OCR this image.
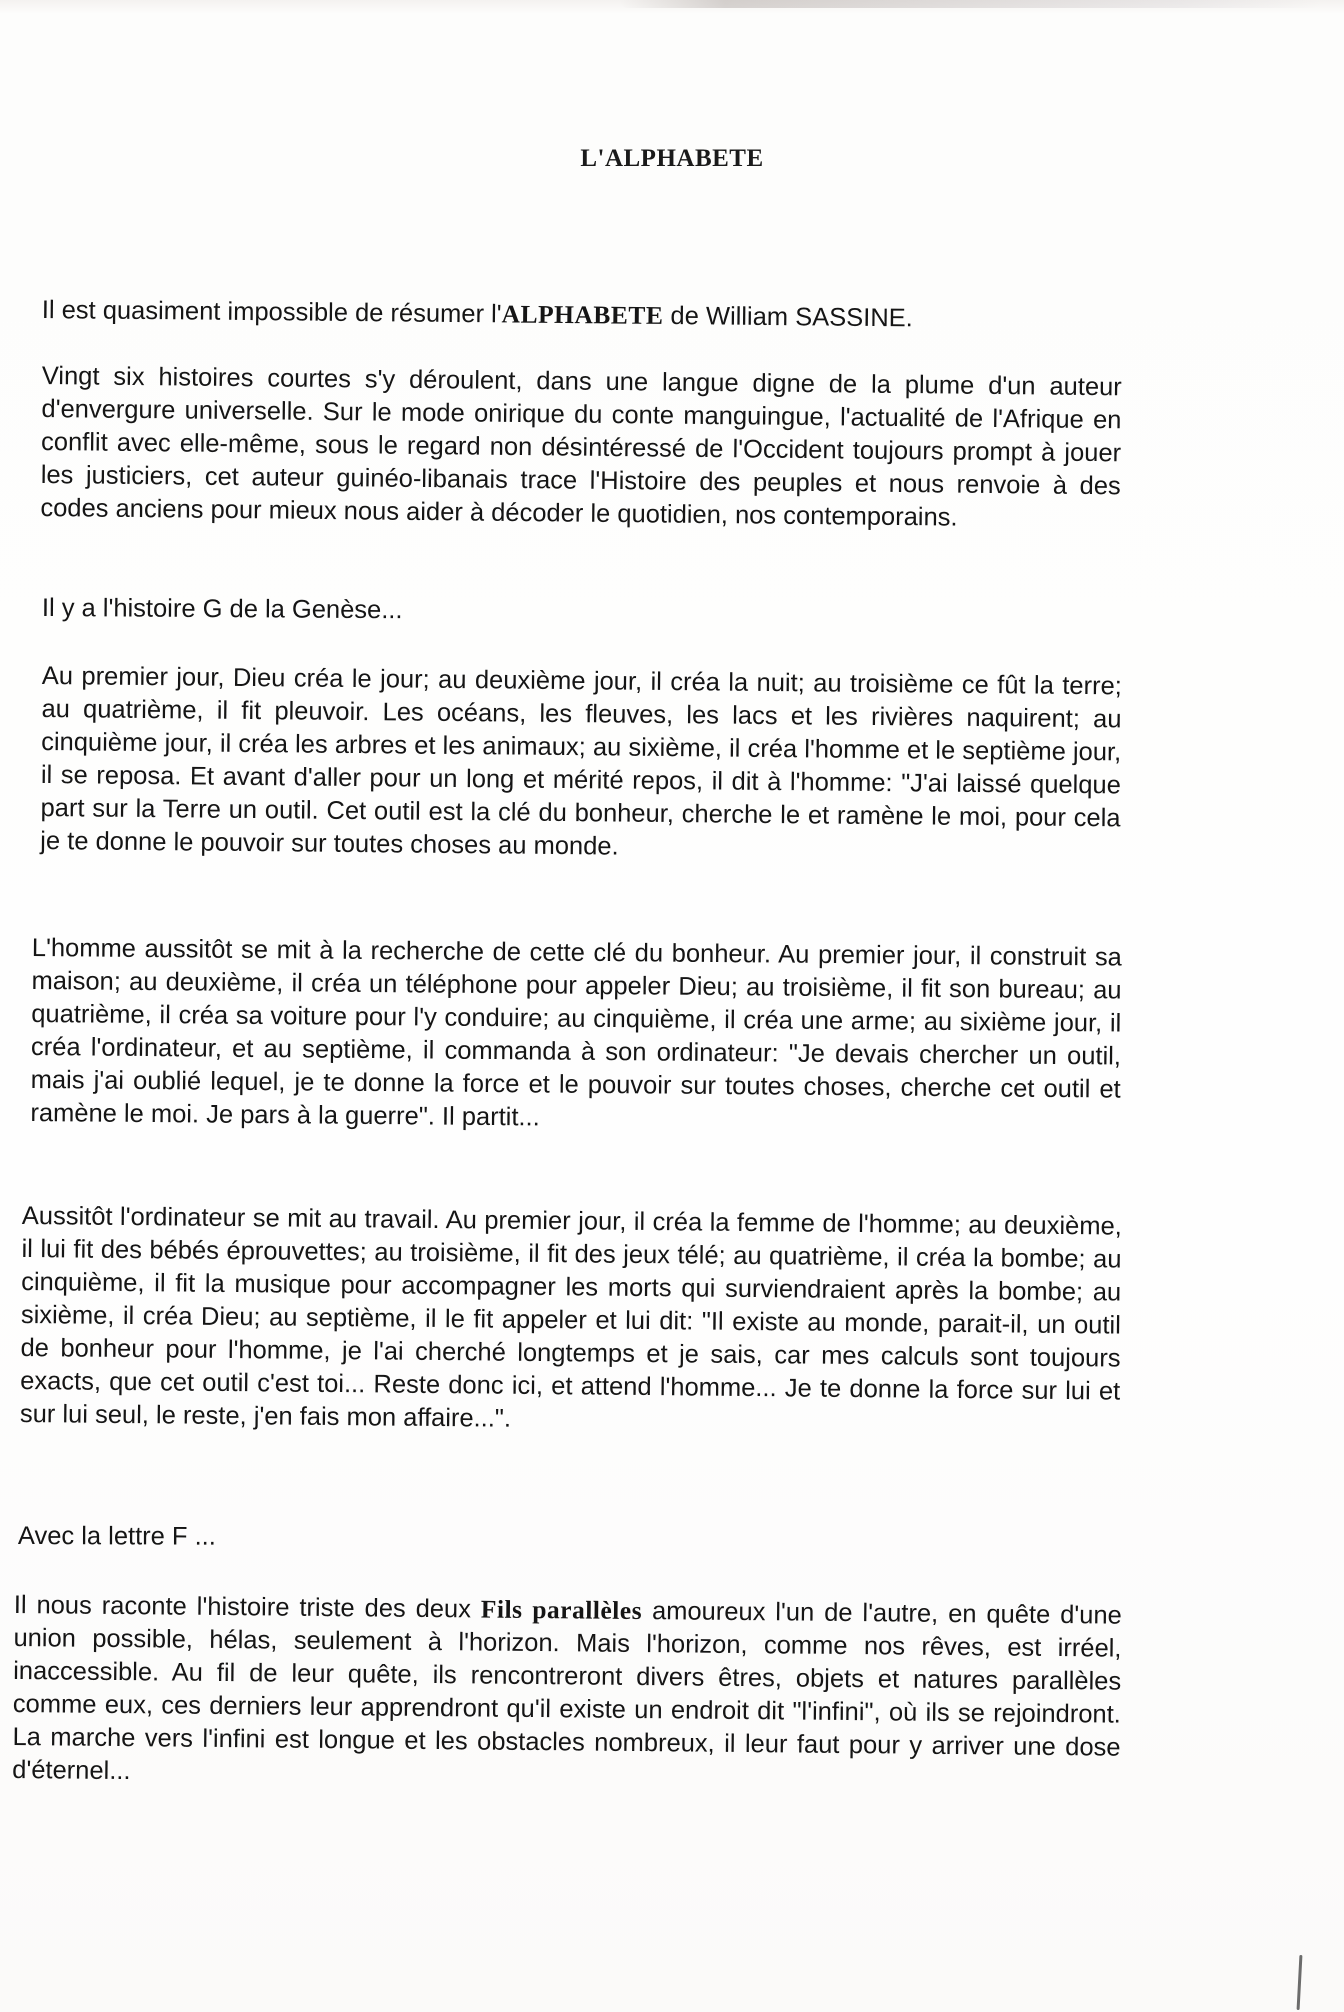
L'ALPHABETE
Il est quasiment impossible de résumer l'ALPHABETE de William SASSINE.
Vingt six histoires courtes s'y déroulent, dans une langue digne de la plume d'un auteur d'envergure universelle. Sur le mode onirique du conte manguingue, l'actualité de l'Afrique en conflit avec elle-même, sous le regard non désintéressé de l'Occident toujours prompt à jouer les justiciers, cet auteur guinéo-libanais trace l'Histoire des peuples et nous renvoie à des codes anciens pour mieux nous aider à décoder le quotidien, nos contemporains.
Il y a l'histoire G de la Genèse...
Au premier jour, Dieu créa le jour; au deuxième jour, il créa la nuit; au troisième ce fût la terre; au quatrième, il fit pleuvoir. Les océans, les fleuves, les lacs et les rivières naquirent; au cinquième jour, il créa les arbres et les animaux; au sixième, il créa l'homme et le septième jour, il se reposa. Et avant d'aller pour un long et mérité repos, il dit à l'homme: "J'ai laissé quelque part sur la Terre un outil. Cet outil est la clé du bonheur, cherche le et ramène le moi, pour cela je te donne le pouvoir sur toutes choses au monde.
L'homme aussitôt se mit à la recherche de cette clé du bonheur. Au premier jour, il construit sa maison; au deuxième, il créa un téléphone pour appeler Dieu; au troisième, il fit son bureau; au quatrième, il créa sa voiture pour l'y conduire; au cinquième, il créa une arme; au sixième jour, il créa l'ordinateur, et au septième, il commanda à son ordinateur: "Je devais chercher un outil, mais j'ai oublié lequel, je te donne la force et le pouvoir sur toutes choses, cherche cet outil et ramène le moi. Je pars à la guerre". Il partit...
Aussitôt l'ordinateur se mit au travail. Au premier jour, il créa la femme de l'homme; au deuxième, il lui fit des bébés éprouvettes; au troisième, il fit des jeux télé; au quatrième, il créa la bombe; au cinquième, il fit la musique pour accompagner les morts qui surviendraient après la bombe; au sixième, il créa Dieu; au septième, il le fit appeler et lui dit: "Il existe au monde, parait-il, un outil de bonheur pour l'homme, je l'ai cherché longtemps et je sais, car mes calculs sont toujours exacts, que cet outil c'est toi... Reste donc ici, et attend l'homme... Je te donne la force sur lui et sur lui seul, le reste, j'en fais mon affaire...".
Avec la lettre F ...
Il nous raconte l'histoire triste des deux Fils parallèles amoureux l'un de l'autre, en quête d'une union possible, hélas, seulement à l'horizon. Mais l'horizon, comme nos rêves, est irréel, inaccessible. Au fil de leur quête, ils rencontreront divers êtres, objets et natures parallèles comme eux, ces derniers leur apprendront qu'il existe un endroit dit "l'infini", où ils se rejoindront. La marche vers l'infini est longue et les obstacles nombreux, il leur faut pour y arriver une dose d'éternel...
